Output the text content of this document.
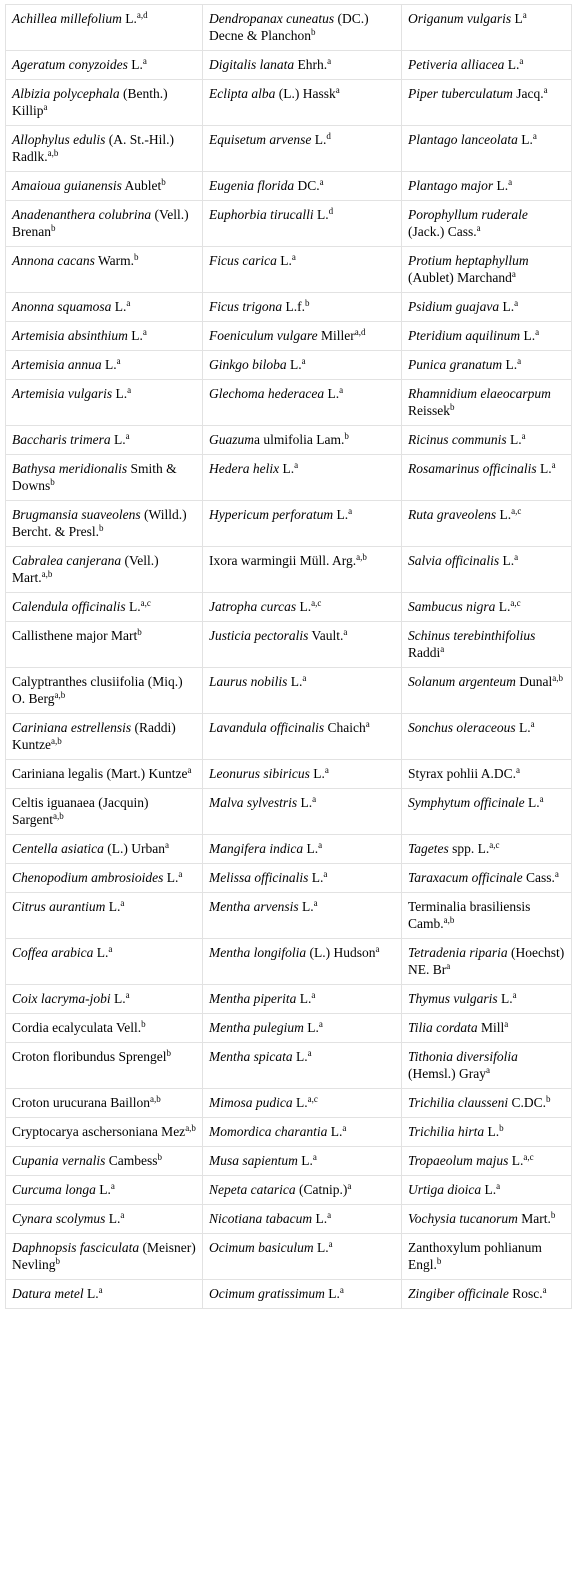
Achillea millefolium L.$^{a,d}$	Dendropanax cuneatus (DC.) Decne & Planchon$^b$	Origanum vulgaris $L^a$
Ageratum conyzoides L.$^a$	Digitalis lanata Ehrh.$^a$	Petiveria alliacea L.$^a$
Albizia polycephala (Benth.) Killip$^a$	Eclipta alba (L.) Hassk$^a$	Piper tuberculatum Jacq.$^a$
Allophylus edulis (A. St.-Hil.) Radlk.$^{a,b}$	Equisetum arvense L.$^d$	Plantago lanceolata L.$^a$
Amaioua guianensis Aublet$^b$	Eugenia florida DC.$^a$	Plantago major L.$^a$
Anadenanthera colubrina (Vell.) Brenan$^b$	Euphorbia tirucalli L.$^d$	Porophyllum ruderale (Jack.) Cass.$^a$
Annona cacans Warm.$^b$	Ficus carica L.$^a$	Protium heptaphyllum (Aublet) Marchand$^a$
Anonna squamosa L.$^a$	Ficus trigona L.f.$^b$	Psidium guajava L.$^a$
Artemisia absinthium L.$^a$	Foeniculum vulgare Miller$^{a,d}$	Pteridium aquilinum L.$^a$
Artemisia annua L.$^a$	Ginkgo biloba L.$^a$	Punica granatum L.$^a$
Artemisia vulgaris L.$^a$	Glechoma hederacea L.$^a$	Rhamnidium elaeocarpum Reissek$^b$
Baccharis trimera L.$^a$	Guazuma ulmifolia Lam.$^b$	Ricinus communis L.$^a$
Bathysa meridionalis Smith & Downs$^b$	Hedera helix L.$^a$	Rosamarinus officinalis L.$^a$
Brugmansia suaveolens (Willd.) Bercht. & Presl.$^b$	Hypericum perforatum L.$^a$	Ruta graveolens L.$^{a,c}$
Cabralea canjerana (Vell.) Mart.$^{a,b}$	Ixora warmingii Müll. Arg.$^{a,b}$	Salvia officinalis L.$^a$
Calendula officinalis L.$^{a,c}$	Jatropha curcas L.$^{a,c}$	Sambucus nigra L.$^{a,c}$
Callisthene major Mart$^b$	Justicia pectoralis Vault.$^a$	Schinus terebinthifolius Raddi$^a$
Calyptranthes clusiifolia (Miq.) O. Berg$^{a,b}$	Laurus nobilis L.$^a$	Solanum argenteum Dunal$^{a,b}$
Cariniana estrellensis (Raddi) Kuntze$^{a,b}$	Lavandula officinalis Chaich$^a$	Sonchus oleraceous L.$^a$
Cariniana legalis (Mart.) Kuntze$^a$	Leonurus sibiricus L.$^a$	Styrax pohlii A.DC.$^a$
Celtis iguanaea (Jacquin) Sargent$^{a,b}$	Malva sylvestris L.$^a$	Symphytum officinale L.$^a$
Centella asiatica (L.) Urban$^a$	Mangifera indica L.$^a$	Tagetes spp. L.$^{a,c}$
Chenopodium ambrosioides L.$^a$	Melissa officinalis L.$^a$	Taraxacum officinale Cass.$^a$
Citrus aurantium L.$^a$	Mentha arvensis L.$^a$	Terminalia brasiliensis Camb.$^{a,b}$
Coffea arabica L.$^a$	Mentha longifolia (L.) Hudson$^a$	Tetradenia riparia (Hoechst) NE. Br$^a$
Coix lacryma-jobi L.$^a$	Mentha piperita L.$^a$	Thymus vulgaris L.$^a$
Cordia ecalyculata Vell.$^b$	Mentha pulegium L.$^a$	Tilia cordata Mill$^a$
Croton floribundus Sprengel$^b$	Mentha spicata L.$^a$	Tithonia diversifolia (Hemsl.) Gray$^a$
Croton urucurana Baillon$^{a,b}$	Mimosa pudica L.$^{a,c}$	Trichilia clausseni C.DC.$^b$
Cryptocarya aschersoniana Mez$^{a,b}$	Momordica charantia L.$^a$	Trichilia hirta L.$^b$
Cupania vernalis Cambess$^b$	Musa sapientum L.$^a$	Tropaeolum majus L.$^{a,c}$
Curcuma longa L.$^a$	Nepeta catarica (Catnip.)$^a$	Urtiga dioica L.$^a$
Cynara scolymus L.$^a$	Nicotiana tabacum L.$^a$	Vochysia tucanorum Mart.$^b$
Daphnopsis fasciculata (Meisner) Nevling$^b$	Ocimum basiculum L.$^a$	Zanthoxylum pohlianum Engl.$^b$
Datura metel L.$^a$	Ocimum gratissimum L.$^a$	Zingiber officinale Rosc.$^a$
